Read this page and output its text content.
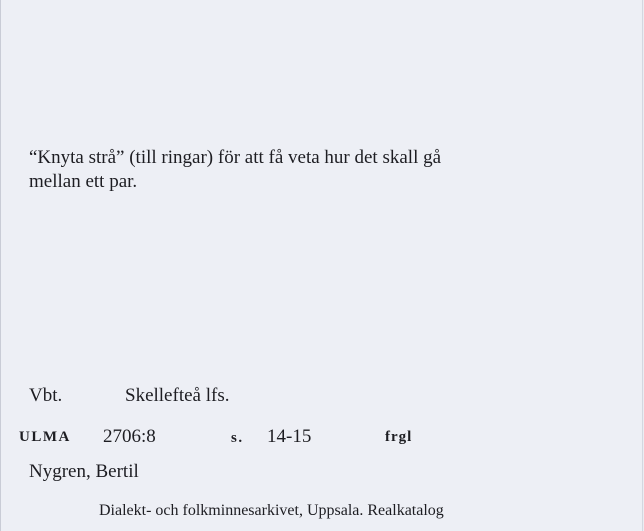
“Knyta strå” (till ringar) för att få veta hur det skall gå
mellan ett par.

Vbt.	Skellefteå lfs.
ULMA 2706:8	s. 14-15	frgl
Nygren, Bertil
Dialekt- och folkminnesarkivet, Uppsala. Realkatalog
